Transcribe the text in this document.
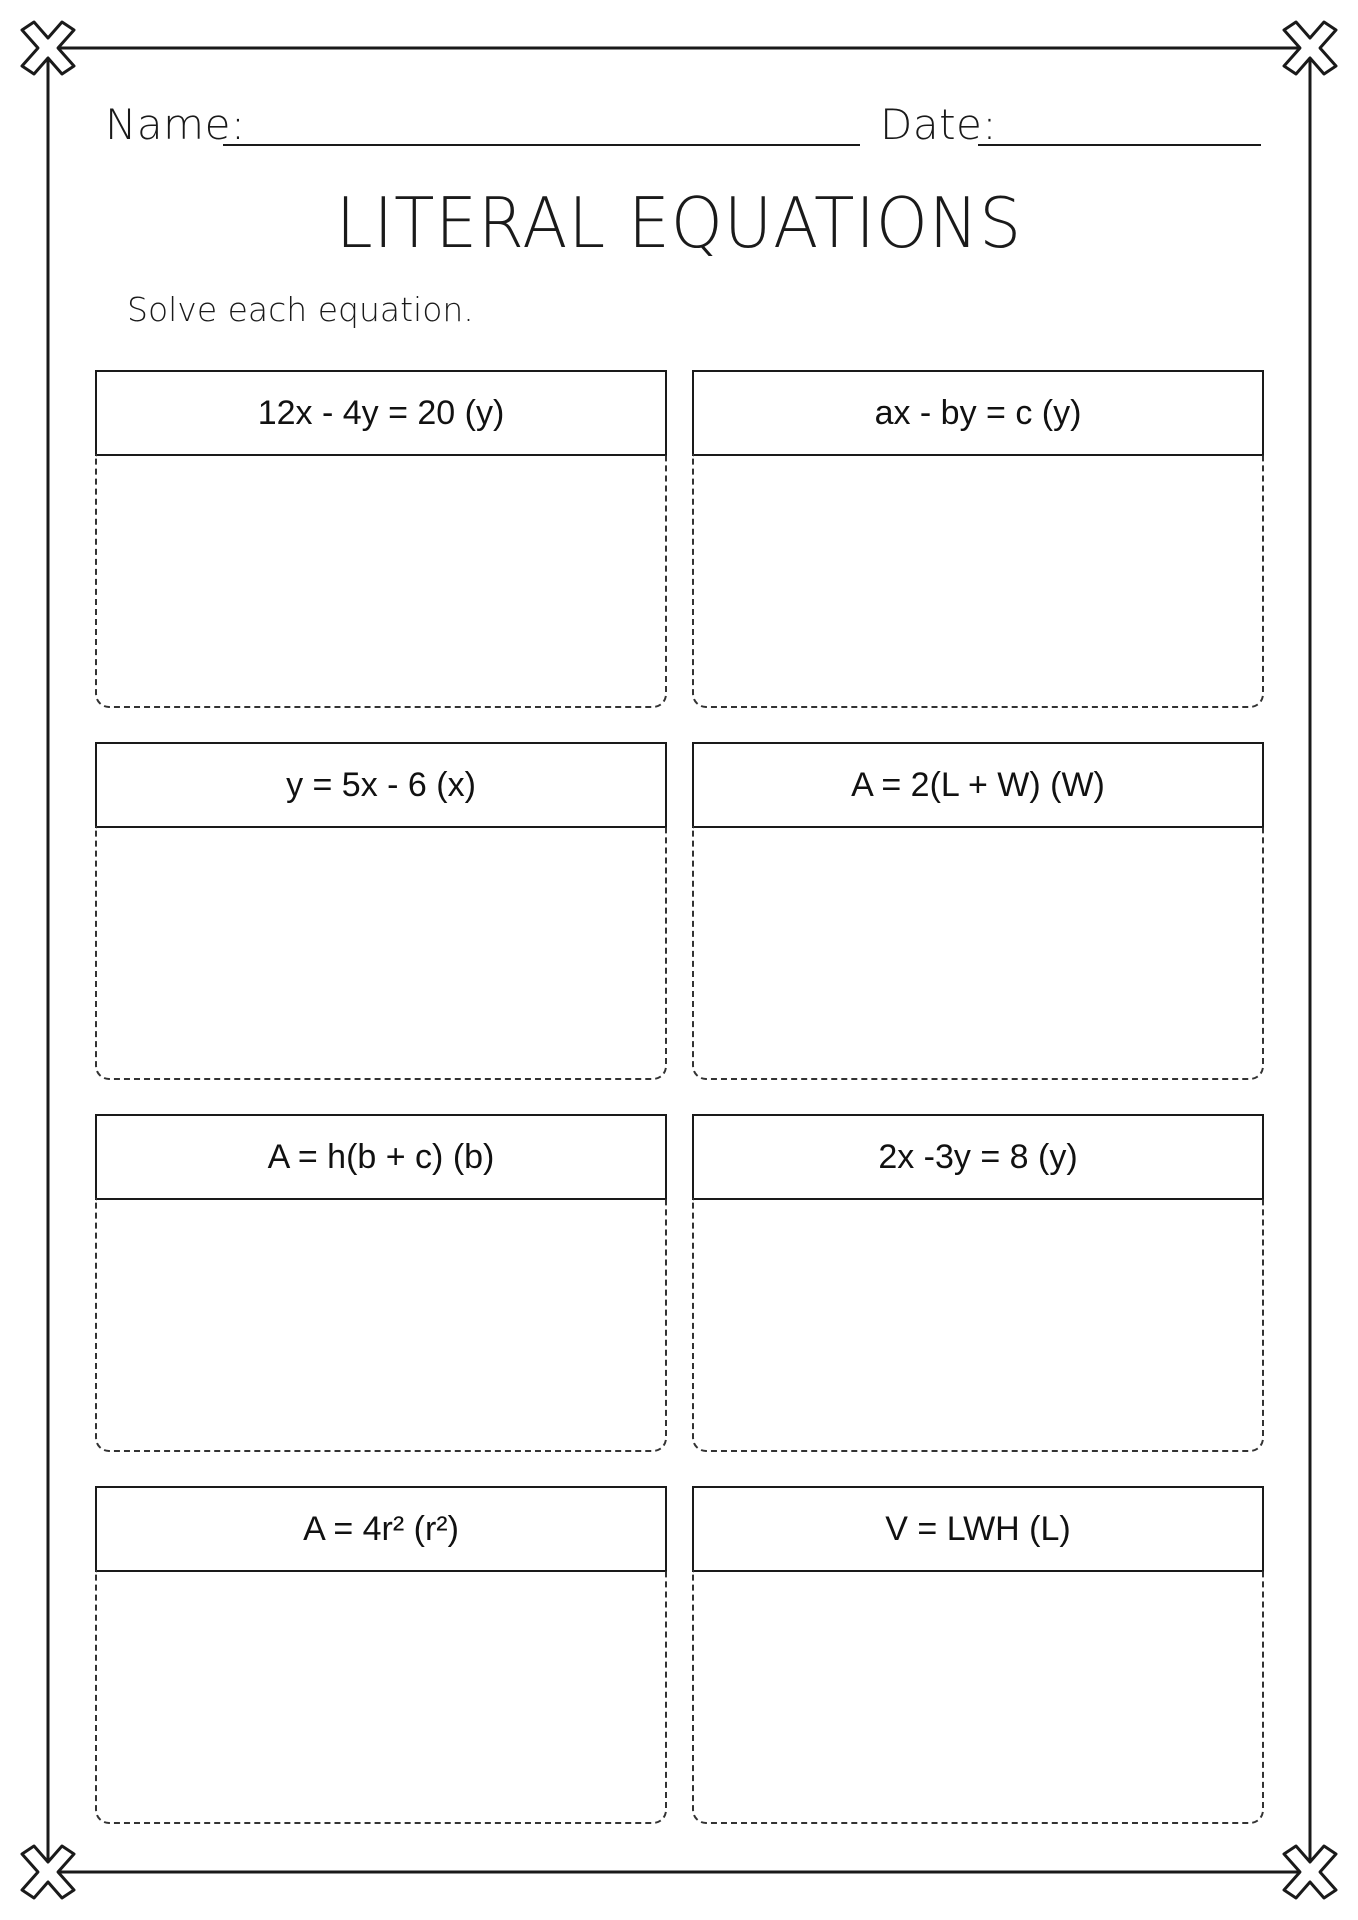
Name:	Date:
LITERAL EQUATIONS
Solve each equation.
12x - 4y = 20 (y)	ax - by = c (y)
y = 5x - 6 (x)	A = 2(L + W) (W)
A = h(b + c) (b)	2x -3y = 8 (y)
A = 4r² (r²)	V = LWH (L)
